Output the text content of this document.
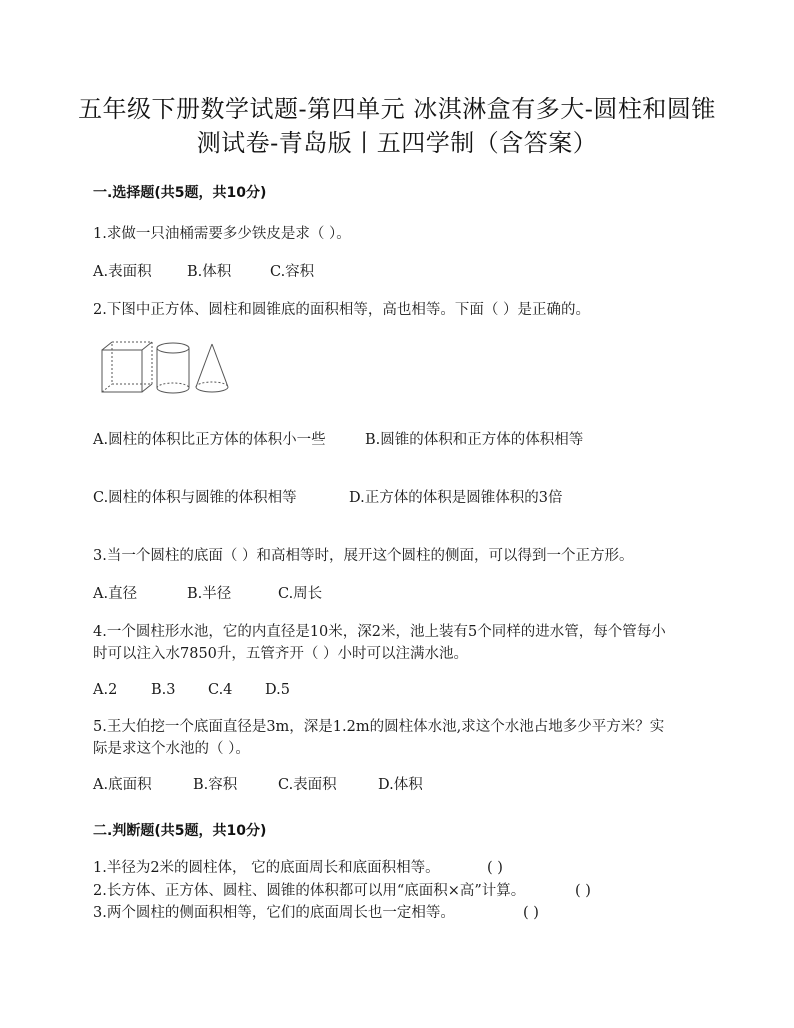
五年级下册数学试题-第四单元 冰淇淋盒有多大-圆柱和圆锥
测试卷-青岛版丨五四学制（含答案）
一.选择题(共5题，共10分)
1.求做一只油桶需要多少铁皮是求（ ）。
A.表面积 B.体积	C.容积
2.下图中正方体、圆柱和圆锥底的面积相等，高也相等。下面（ ）是正确的。
A.圆柱的体积比正方体的体积小一些	B.圆锥的体积和正方体的体积相等
C.圆柱的体积与圆锥的体积相等	D.正方体的体积是圆锥体积的3倍
3.当一个圆柱的底面（ ）和高相等时，展开这个圆柱的侧面，可以得到一个正方形。
A.直径	B.半径	C.周长
4.一个圆柱形水池，它的内直径是10米，深2米，池上装有5个同样的进水管，每个管每小
时可以注入水7850升，五管齐开（ ）小时可以注满水池。
A.2 B.3 C.4 D.5
5.王大伯挖一个底面直径是3m，深是1.2m的圆柱体水池,求这个水池占地多少平方米？实
际是求这个水池的（ ）。
A.底面积	B.容积	C.表面积	D.体积
二.判断题(共5题，共10分)
1.半径为2米的圆柱体， 它的底面周长和底面积相等。	( )
2.长方体、正方体、圆柱、圆锥的体积都可以用“底面积×高”计算。	( )
3.两个圆柱的侧面积相等，它们的底面周长也一定相等。	( )
